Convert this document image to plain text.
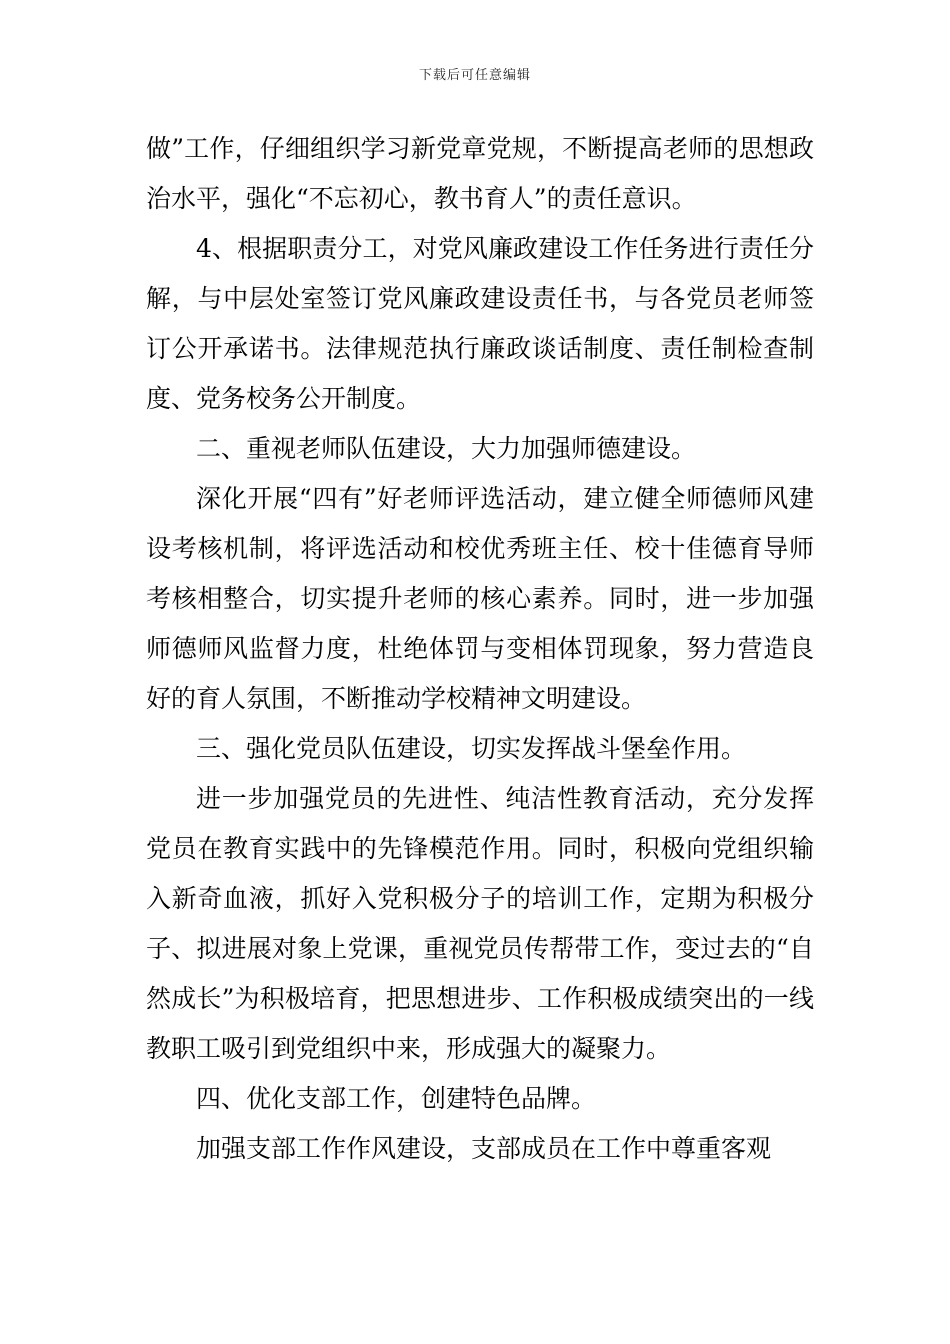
下载后可任意编辑

做”工作，仔细组织学习新党章党规，不断提高老师的思想政治水平，强化“不忘初心，教书育人”的责任意识。

4、根据职责分工，对党风廉政建设工作任务进行责任分解，与中层处室签订党风廉政建设责任书，与各党员老师签订公开承诺书。法律规范执行廉政谈话制度、责任制检查制度、党务校务公开制度。

二、重视老师队伍建设，大力加强师德建设。

深化开展“四有”好老师评选活动，建立健全师德师风建设考核机制，将评选活动和校优秀班主任、校十佳德育导师考核相整合，切实提升老师的核心素养。同时，进一步加强师德师风监督力度，杜绝体罚与变相体罚现象，努力营造良好的育人氛围，不断推动学校精神文明建设。

三、强化党员队伍建设，切实发挥战斗堡垒作用。

进一步加强党员的先进性、纯洁性教育活动，充分发挥党员在教育实践中的先锋模范作用。同时，积极向党组织输入新奇血液，抓好入党积极分子的培训工作，定期为积极分子、拟进展对象上党课，重视党员传帮带工作，变过去的“自然成长”为积极培育，把思想进步、工作积极成绩突出的一线教职工吸引到党组织中来，形成强大的凝聚力。

四、优化支部工作，创建特色品牌。

加强支部工作作风建设，支部成员在工作中尊重客观
